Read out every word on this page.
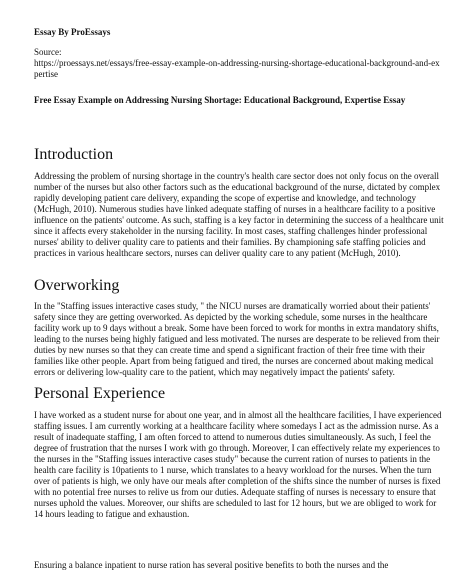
Essay By ProEssays
Source:
https://proessays.net/essays/free-essay-example-on-addressing-nursing-shortage-educational-background-and-expertise
Free Essay Example on Addressing Nursing Shortage: Educational Background, Expertise Essay
Introduction

Addressing the problem of nursing shortage in the country's health care sector does not only focus on the overall number of the nurses but also other factors such as the educational background of the nurse, dictated by complex rapidly developing patient care delivery, expanding the scope of expertise and knowledge, and technology (McHugh, 2010). Numerous studies have linked adequate staffing of nurses in a healthcare facility to a positive influence on the patients' outcome. As such, staffing is a key factor in determining the success of a healthcare unit since it affects every stakeholder in the nursing facility. In most cases, staffing challenges hinder professional nurses' ability to deliver quality care to patients and their families. By championing safe staffing policies and practices in various healthcare sectors, nurses can deliver quality care to any patient (McHugh, 2010).

Overworking

In the "Staffing issues interactive cases study, " the NICU nurses are dramatically worried about their patients' safety since they are getting overworked. As depicted by the working schedule, some nurses in the healthcare facility work up to 9 days without a break. Some have been forced to work for months in extra mandatory shifts, leading to the nurses being highly fatigued and less motivated. The nurses are desperate to be relieved from their duties by new nurses so that they can create time and spend a significant fraction of their free time with their families like other people. Apart from being fatigued and tired, the nurses are concerned about making medical errors or delivering low-quality care to the patient, which may negatively impact the patients' safety.

Personal Experience

I have worked as a student nurse for about one year, and in almost all the healthcare facilities, I have experienced staffing issues. I am currently working at a healthcare facility where somedays I act as the admission nurse. As a result of inadequate staffing, I am often forced to attend to numerous duties simultaneously. As such, I feel the degree of frustration that the nurses I work with go through. Moreover, I can effectively relate my experiences to the nurses in the "Staffing issues interactive cases study" because the current ration of nurses to patients in the health care facility is 10patients to 1 nurse, which translates to a heavy workload for the nurses. When the turn over of patients is high, we only have our meals after completion of the shifts since the number of nurses is fixed with no potential free nurses to relive us from our duties. Adequate staffing of nurses is necessary to ensure that nurses uphold the values. Moreover, our shifts are scheduled to last for 12 hours, but we are obliged to work for 14 hours leading to fatigue and exhaustion.

Ensuring a balance inpatient to nurse ration has several positive benefits to both the nurses and the
